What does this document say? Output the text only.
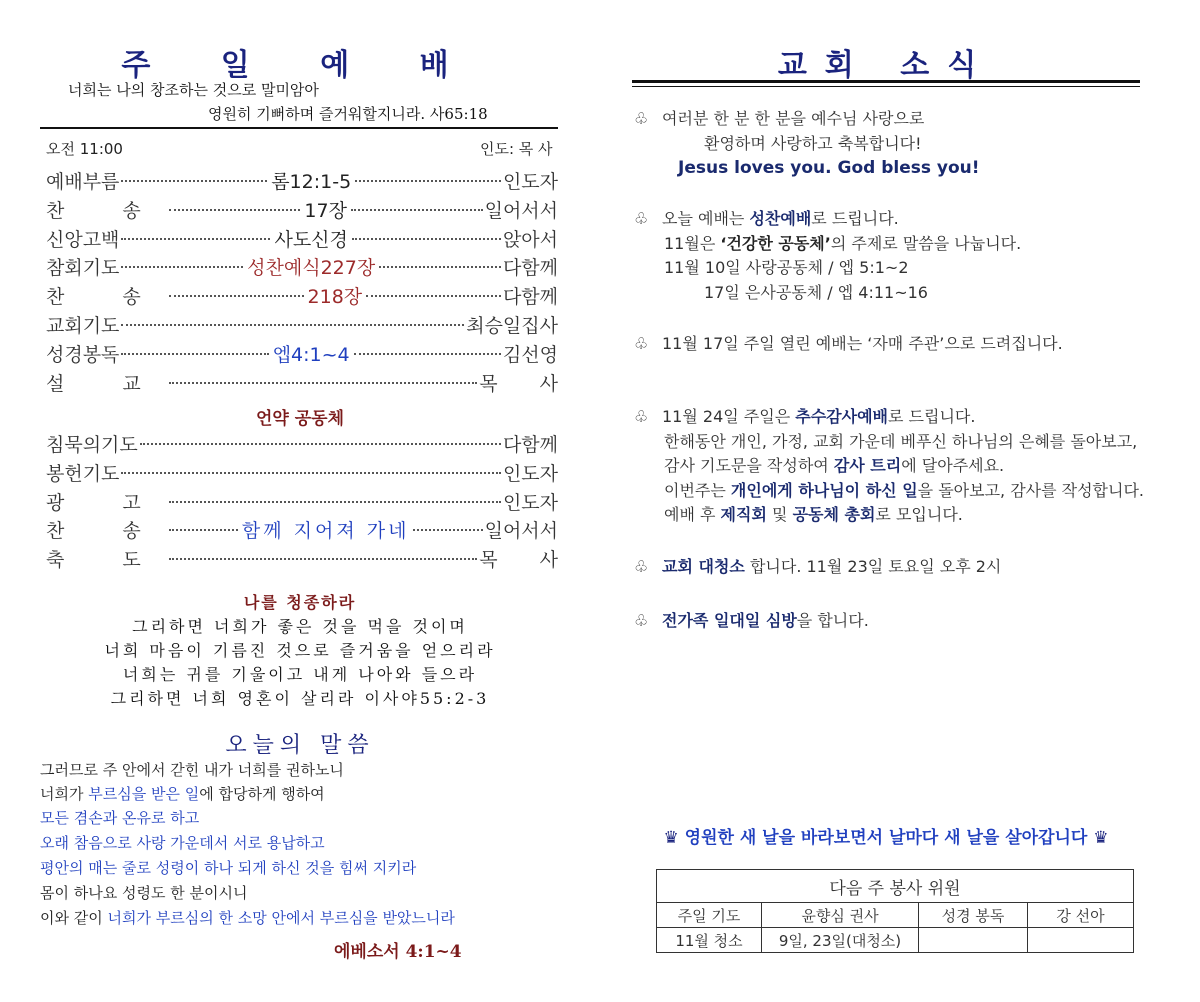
주 일 예 배
너희는 나의 창조하는 것으로 말미암아
영원히 기뻐하며 즐거워할지니라. 사65:18
오전 11:00	인도: 목 사
예배부름	롬12:1-5	인도자
찬 송	17장	일어서서
신앙고백	사도신경	앉아서
참회기도	성찬예식227장	다함께
찬 송	218장	다함께
교회기도	최승일집사
성경봉독	엡4:1~4	김선영
설 교	목 사
언약 공동체
침묵의기도	다함께
봉헌기도	인도자
광 고	인도자
찬 송	함께 지어져 가네	일어서서
축 도	목 사
나를 청종하라
그리하면 너희가 좋은 것을 먹을 것이며
너희 마음이 기름진 것으로 즐거움을 얻으리라
너희는 귀를 기울이고 내게 나아와 들으라
그리하면 너희 영혼이 살리라 이사야55:2-3
오늘의 말씀
그러므로 주 안에서 갇힌 내가 너희를 권하노니
너희가 부르심을 받은 일에 합당하게 행하여
모든 겸손과 온유로 하고
오래 참음으로 사랑 가운데서 서로 용납하고
평안의 매는 줄로 성령이 하나 되게 하신 것을 힘써 지키라
몸이 하나요 성령도 한 분이시니
이와 같이 너희가 부르심의 한 소망 안에서 부르심을 받았느니라
에베소서 4:1~4
교회 소식
♧ 여러분 한 분 한 분을 예수님 사랑으로
환영하며 사랑하고 축복합니다!
Jesus loves you. God bless you!
♧ 오늘 예배는 성찬예배로 드립니다.
11월은 ‘건강한 공동체’의 주제로 말씀을 나눕니다.
11월 10일 사랑공동체 / 엡 5:1~2
17일 은사공동체 / 엡 4:11~16
♧ 11월 17일 주일 열린 예배는 ‘자매 주관’으로 드려집니다.
♧ 11월 24일 주일은 추수감사예배로 드립니다.
한해동안 개인, 가정, 교회 가운데 베푸신 하나님의 은혜를 돌아보고,
감사 기도문을 작성하여 감사 트리에 달아주세요.
이번주는 개인에게 하나님이 하신 일을 돌아보고, 감사를 작성합니다.
예배 후 제직회 및 공동체 총회로 모입니다.
♧ 교회 대청소 합니다. 11월 23일 토요일 오후 2시
♧ 전가족 일대일 심방을 합니다.
♛ 영원한 새 날을 바라보면서 날마다 새 날을 살아갑니다 ♛
다음 주 봉사 위원			
주일 기도	윤향심 권사	성경 봉독	강 선아
11월 청소	9일, 23일(대청소)		
